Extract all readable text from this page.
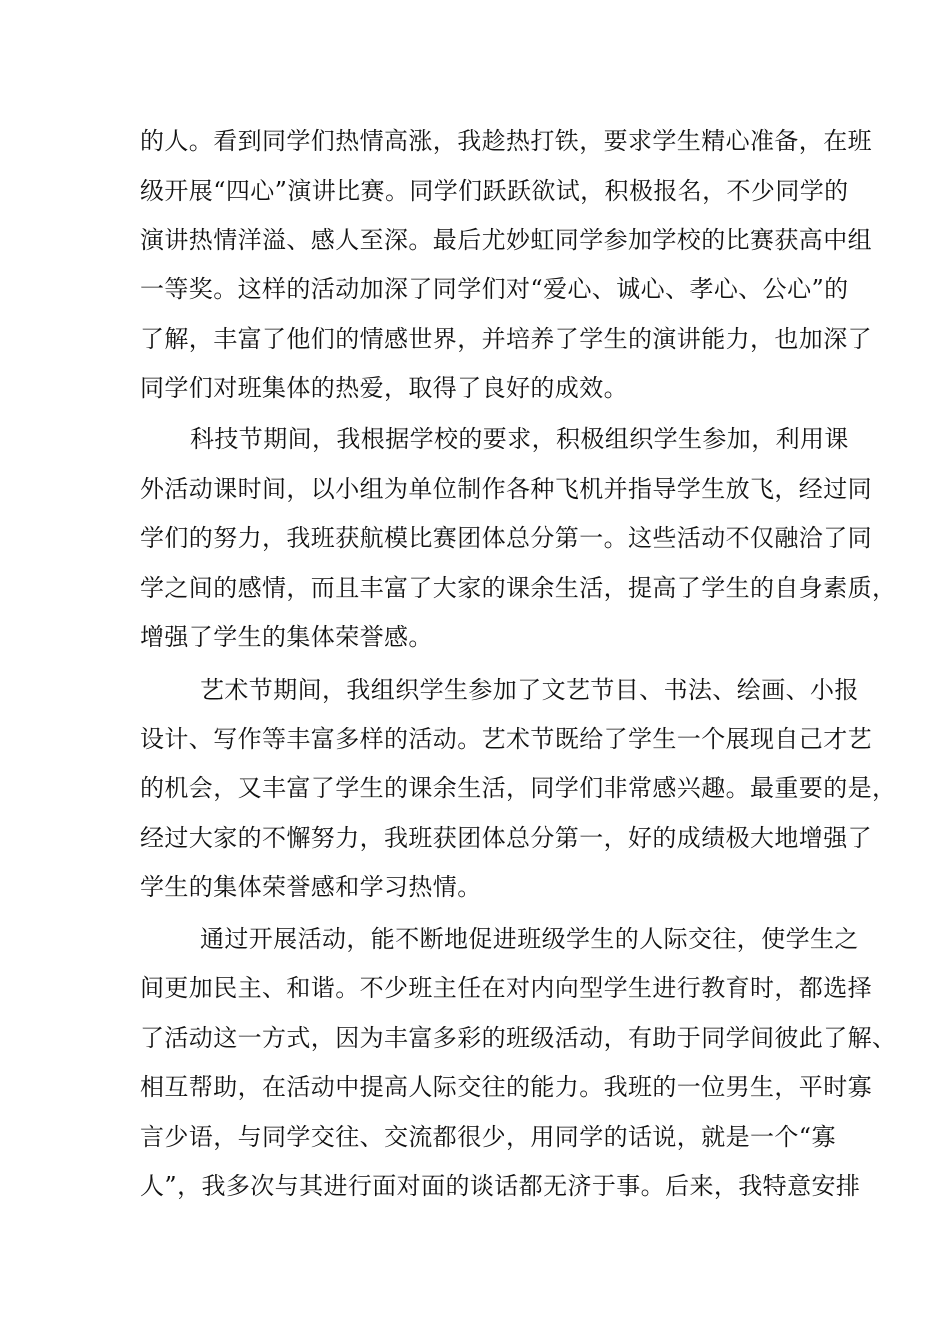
的人。看到同学们热情高涨，我趁热打铁，要求学生精心准备，在班
级开展“四心”演讲比赛。同学们跃跃欲试，积极报名，不少同学的
演讲热情洋溢、感人至深。最后尤妙虹同学参加学校的比赛获高中组
一等奖。这样的活动加深了同学们对“爱心、诚心、孝心、公心”的
了解，丰富了他们的情感世界，并培养了学生的演讲能力，也加深了
同学们对班集体的热爱，取得了良好的成效。
科技节期间，我根据学校的要求，积极组织学生参加，利用课
外活动课时间，以小组为单位制作各种飞机并指导学生放飞，经过同
学们的努力，我班获航模比赛团体总分第一。这些活动不仅融洽了同
学之间的感情，而且丰富了大家的课余生活，提高了学生的自身素质，
增强了学生的集体荣誉感。
艺术节期间，我组织学生参加了文艺节目、书法、绘画、小报
设计、写作等丰富多样的活动。艺术节既给了学生一个展现自己才艺
的机会，又丰富了学生的课余生活，同学们非常感兴趣。最重要的是，
经过大家的不懈努力，我班获团体总分第一，好的成绩极大地增强了
学生的集体荣誉感和学习热情。
通过开展活动，能不断地促进班级学生的人际交往，使学生之
间更加民主、和谐。不少班主任在对内向型学生进行教育时，都选择
了活动这一方式，因为丰富多彩的班级活动，有助于同学间彼此了解、
相互帮助，在活动中提高人际交往的能力。我班的一位男生，平时寡
言少语，与同学交往、交流都很少，用同学的话说，就是一个“寡
人”，我多次与其进行面对面的谈话都无济于事。后来，我特意安排
